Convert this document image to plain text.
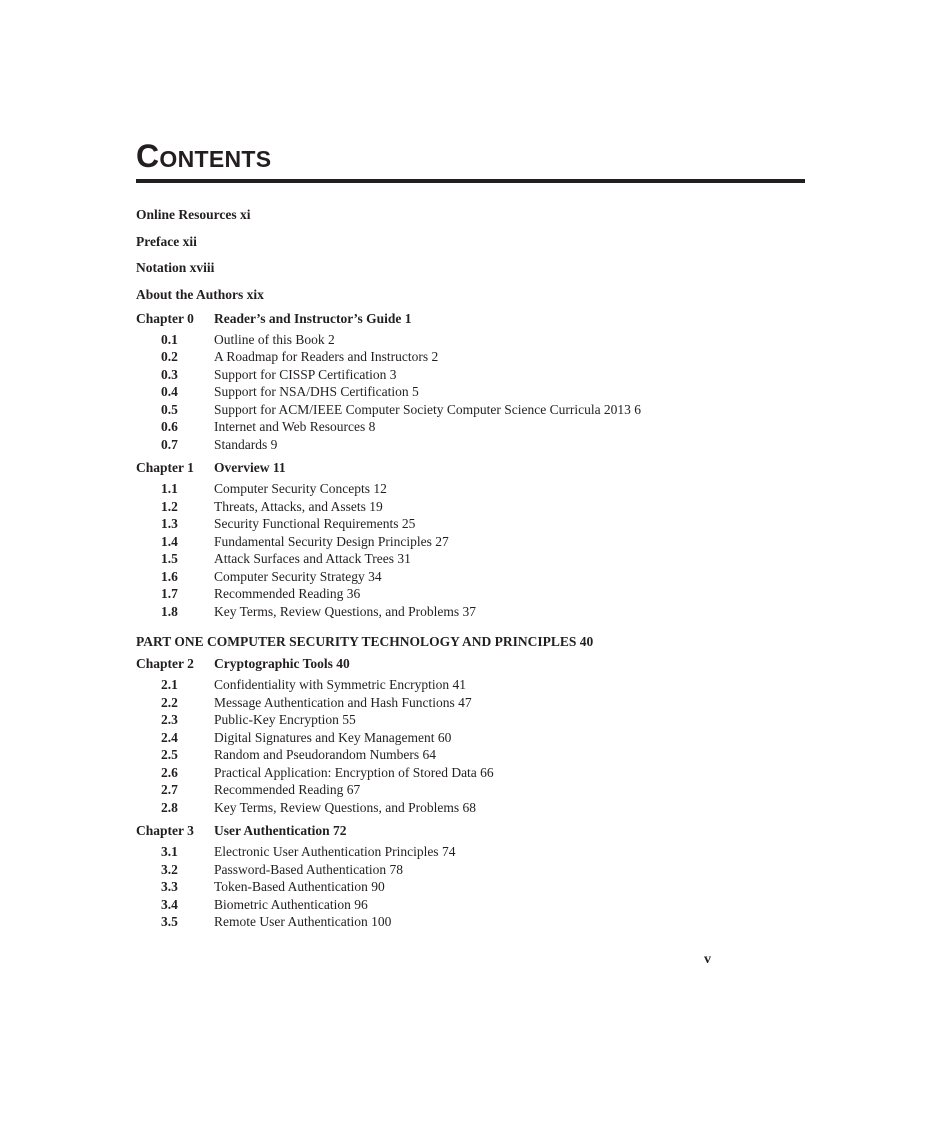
CONTENTS
Online Resources xi
Preface xii
Notation xviii
About the Authors xix
Chapter 0	Reader’s and Instructor’s Guide 1
0.1	Outline of this Book 2
0.2	A Roadmap for Readers and Instructors 2
0.3	Support for CISSP Certification 3
0.4	Support for NSA/DHS Certification 5
0.5	Support for ACM/IEEE Computer Society Computer Science Curricula 2013 6
0.6	Internet and Web Resources 8
0.7	Standards 9
Chapter 1	Overview 11
1.1	Computer Security Concepts 12
1.2	Threats, Attacks, and Assets 19
1.3	Security Functional Requirements 25
1.4	Fundamental Security Design Principles 27
1.5	Attack Surfaces and Attack Trees 31
1.6	Computer Security Strategy 34
1.7	Recommended Reading 36
1.8	Key Terms, Review Questions, and Problems 37
PART ONE COMPUTER SECURITY TECHNOLOGY AND PRINCIPLES 40
Chapter 2	Cryptographic Tools 40
2.1	Confidentiality with Symmetric Encryption 41
2.2	Message Authentication and Hash Functions 47
2.3	Public-Key Encryption 55
2.4	Digital Signatures and Key Management 60
2.5	Random and Pseudorandom Numbers 64
2.6	Practical Application: Encryption of Stored Data 66
2.7	Recommended Reading 67
2.8	Key Terms, Review Questions, and Problems 68
Chapter 3	User Authentication 72
3.1	Electronic User Authentication Principles 74
3.2	Password-Based Authentication 78
3.3	Token-Based Authentication 90
3.4	Biometric Authentication 96
3.5	Remote User Authentication 100
v
